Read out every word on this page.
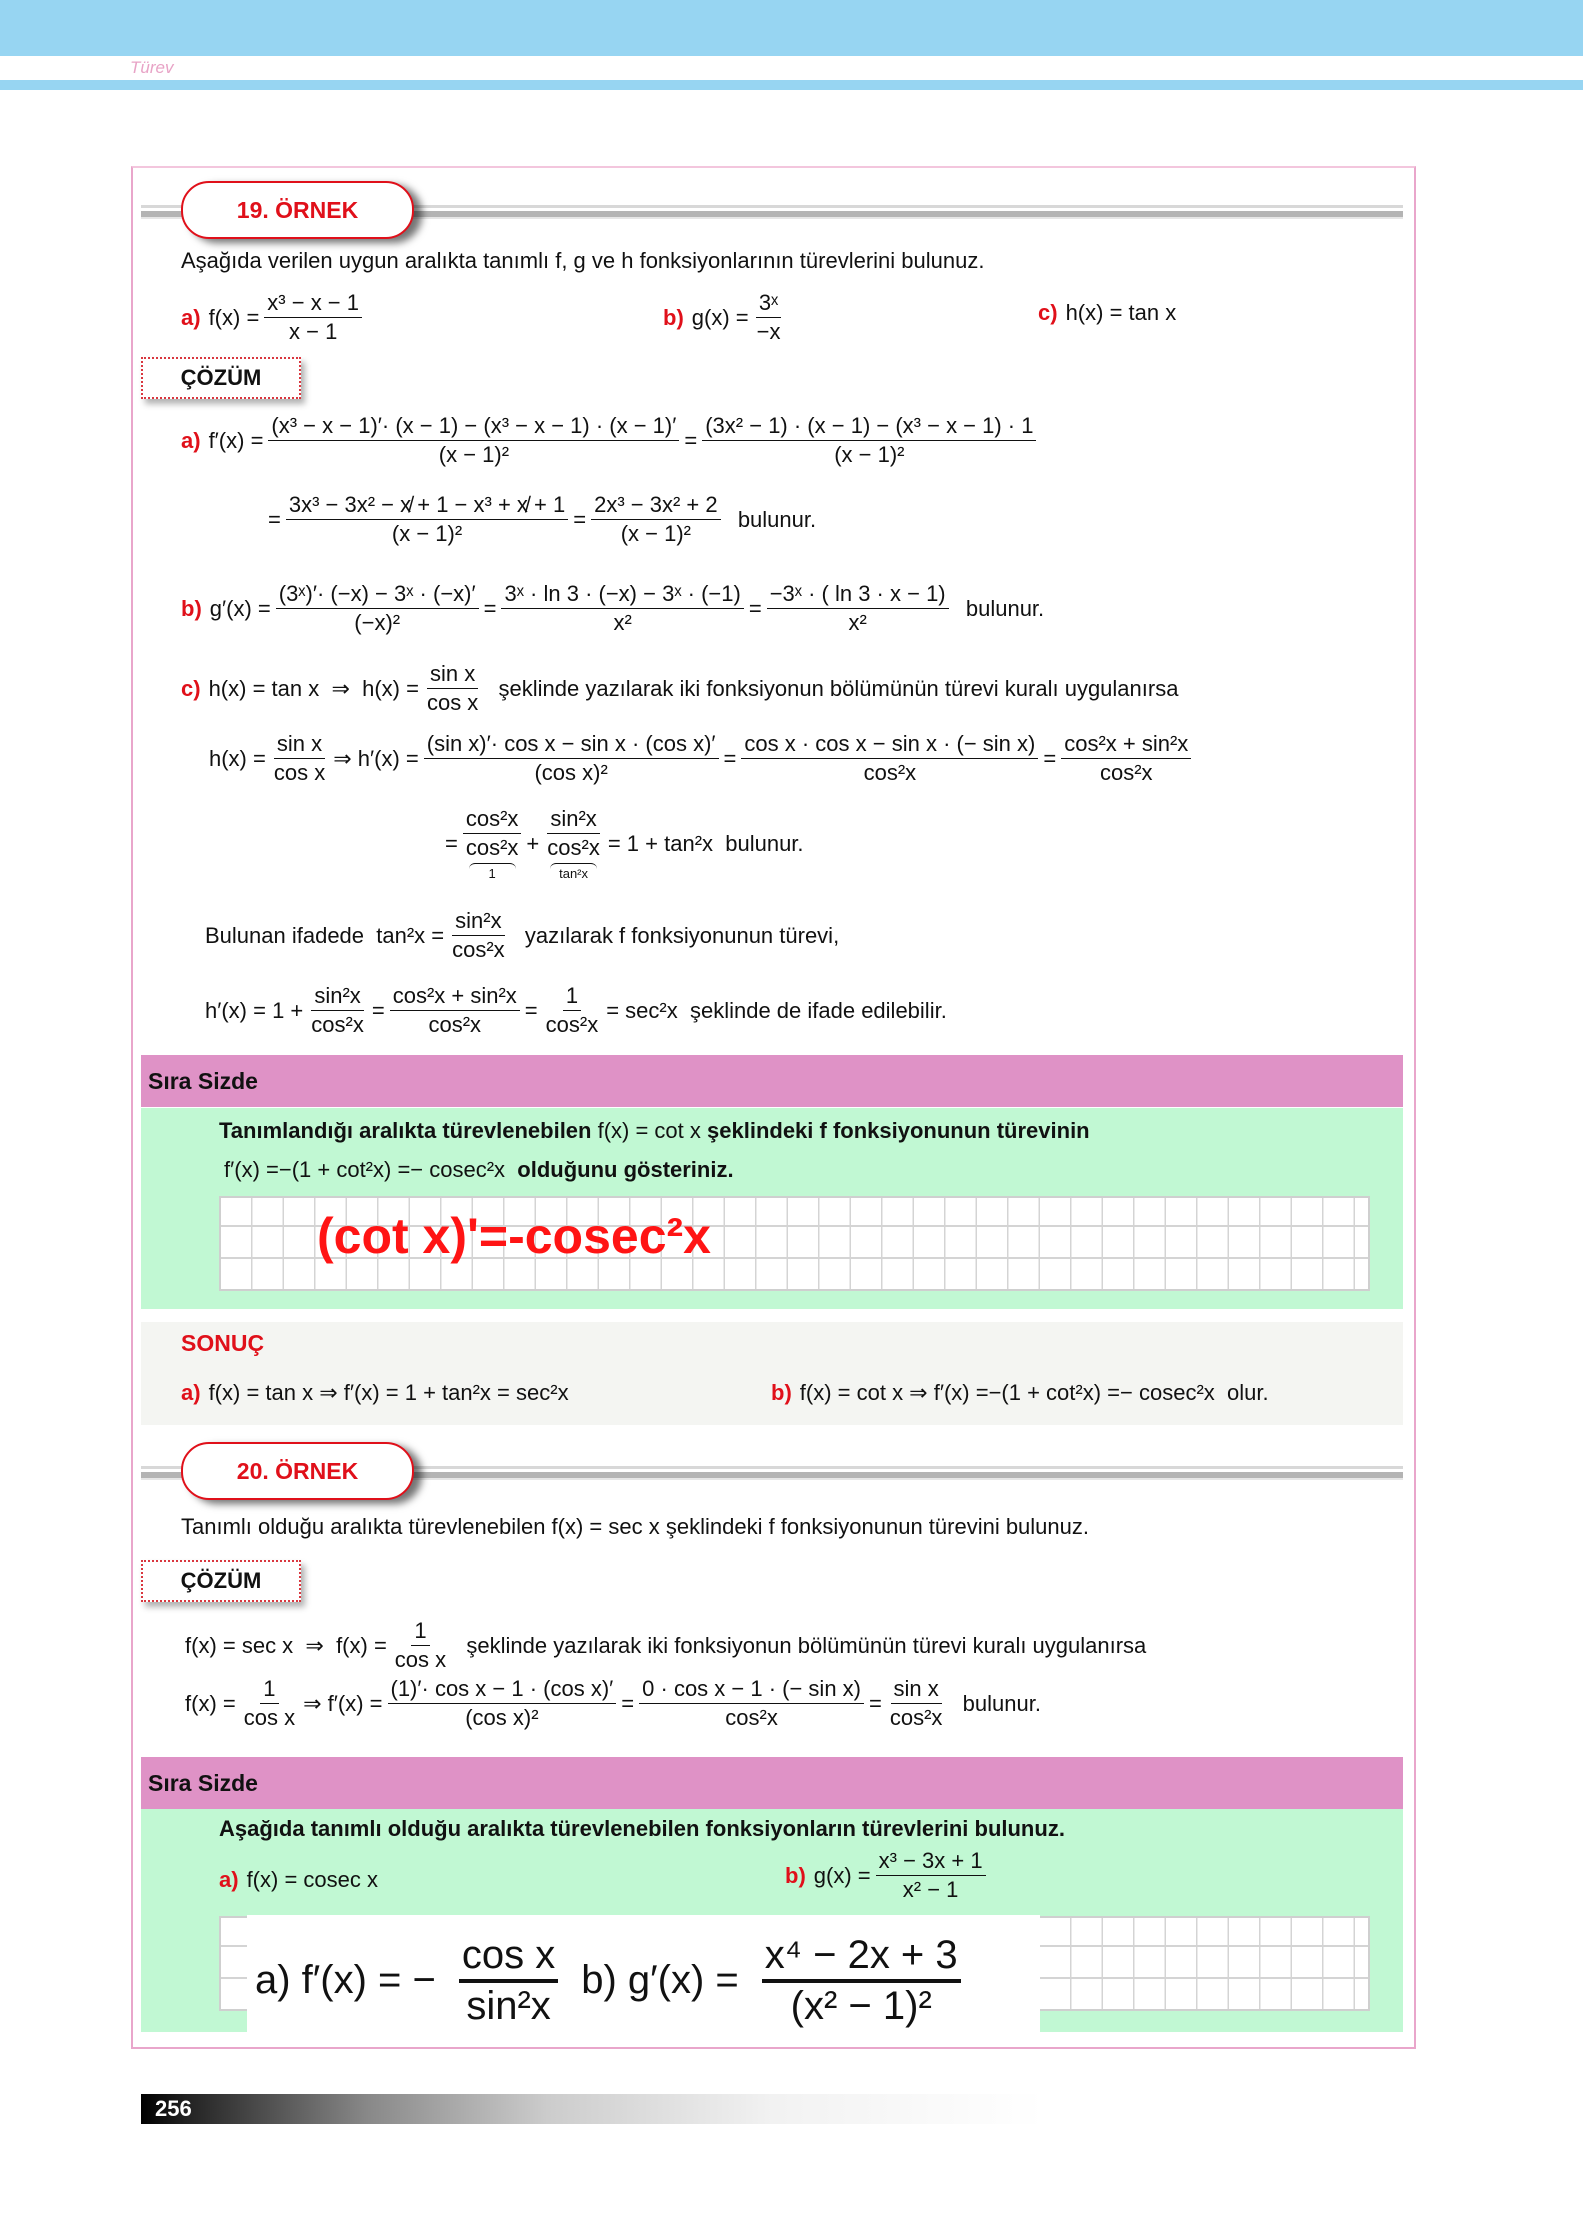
Türev
19. ÖRNEK
Aşağıda verilen uygun aralıkta tanımlı f, g ve h fonksiyonlarının türevlerini bulunuz.
a) $f(x) = \frac{\text{x³ − x − 1}}{x - 1}$	b) $g(x) = \frac{\text{3ˣ}}{-x}$	c) h(x) = tan x
ÇÖZÜM
a) $f'(x) = \frac{\text{(x³ − x − 1)′· (x − 1) − (x³ − x − 1) · (x − 1)′}}{\text{(x − 1)²}} = \frac{\text{(3x² − 1) · (x − 1) − (x³ − x − 1) · 1}}{\text{(x − 1)²}}$
= $\frac{\text{3x³ − 3x² − x̸ + 1 − x³ + x̸ + 1}}{\text{(x − 1)²}} = \frac{\text{2x³ − 3x² + 2}}{\text{(x − 1)²}}$ bulunur.
b) $g'(x) = \frac{\text{(3ˣ)′· (−x) − 3ˣ · (−x)′}}{\text{(−x)²}} = \frac{\text{3ˣ · ln 3 · (−x) − 3ˣ · (−1)}}{\text{x²}} = \frac{\text{−3ˣ · ( ln 3 · x − 1)}}{\text{x²}}$ bulunur.
c) h(x) = tan x  ⇒  $h(x) = \frac{\text{sin x}}{\text{cos x}}$ şeklinde yazılarak iki fonksiyonun bölümünün türevi kuralı uygulanırsa
$h(x) = \frac{\text{sin x}}{\text{cos x}}$ ⇒ $h'(x) = \frac{\text{(sin x)′· cos x − sin x · (cos x)′}}{\text{(cos x)²}} = \frac{\text{cos x · cos x − sin x · (− sin x)}}{\text{cos²x}} = \frac{\text{cos²x + sin²x}}{\text{cos²x}}$
=
cos²x
cos²x
1
+
sin²x
cos²x
tan²x
= 1 + tan²x  bulunur.
Bulunan ifadede  $\tan^2x = \frac{\text{sin²x}}{\text{cos²x}}$ yazılarak f fonksiyonunun türevi,
$h'(x) = 1 + \frac{\text{sin²x}}{\text{cos²x}} = \frac{\text{cos²x + sin²x}}{\text{cos²x}} = \frac{1}{\text{cos²x}} = \sec^2x$  şeklinde de ifade edilebilir.
Sıra Sizde
Tanımlandığı aralıkta türevlenebilen f(x) = cot x şeklindeki f fonksiyonunun türevinin
f′(x) =−(1 + cot²x) =− cosec²x olduğunu gösteriniz.
(cot x)'=-cosec²x
SONUÇ
a) f(x) = tan x ⇒ f′(x) = 1 + tan²x = sec²x	b) f(x) = cot x ⇒ f′(x) =−(1 + cot²x) =− cosec²x  olur.
20. ÖRNEK
Tanımlı olduğu aralıkta türevlenebilen f(x) = sec x şeklindeki f fonksiyonunun türevini bulunuz.
ÇÖZÜM
f(x) = sec x  ⇒  $f(x) = \frac{1}{\text{cos x}}$ şeklinde yazılarak iki fonksiyonun bölümünün türevi kuralı uygulanırsa
$f(x) = \frac{1}{\text{cos x}}$ ⇒ $f'(x) = \frac{\text{(1)′· cos x − 1 · (cos x)′}}{\text{(cos x)²}} = \frac{\text{0 · cos x − 1 · (− sin x)}}{\text{cos²x}} = \frac{\text{sin x}}{\text{cos²x}}$ bulunur.
Sıra Sizde
Aşağıda tanımlı olduğu aralıkta türevlenebilen fonksiyonların türevlerini bulunuz.
a) f(x) = cosec x	b) $g(x) = \frac{\text{x³ − 3x + 1}}{\text{x² − 1}}$
a) f′(x) = − $\frac{\text{cos x}}{\text{sin²x}} b$) $g'(x) = \frac{\text{x⁴ − 2x + 3}}{\text{(x² − 1)²}}$
256
